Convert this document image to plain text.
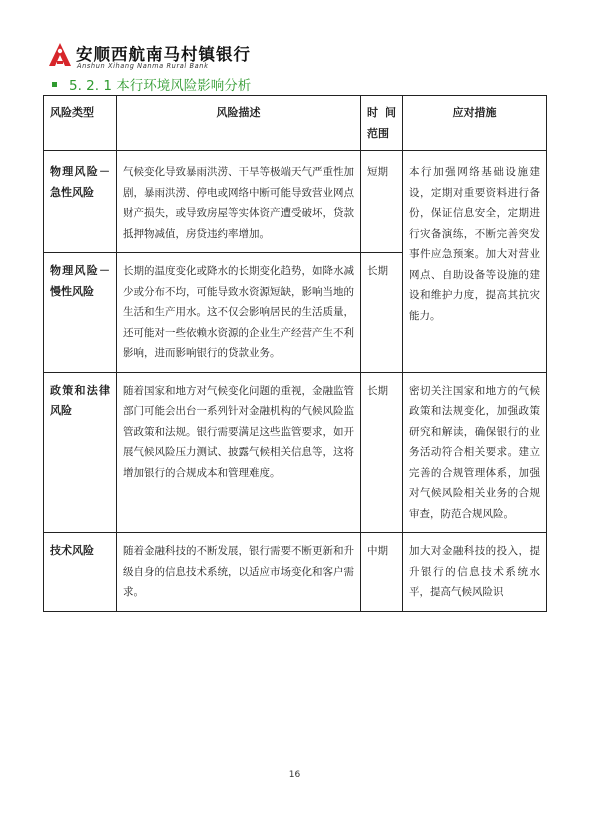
安顺西航南马村镇银行
Anshun Xihang Nanma Rural Bank
5. 2. 1 本行环境风险影响分析
风险类型	风险描述	时 间 范围	应对措施
物理风险－急性风险	气候变化导致暴雨洪涝、干旱等极端天气严重性加剧，暴雨洪涝、停电或网络中断可能导致营业网点财产损失，或导致房屋等实体资产遭受破坏，贷款抵押物减值，房贷违约率增加。	短期	本行加强网络基础设施建设，定期对重要资料进行备份，保证信息安全，定期进行灾备演练，不断完善突发事件应急预案。加大对营业网点、自助设备等设施的建设和维护力度，提高其抗灾能力。
物理风险－慢性风险	长期的温度变化或降水的长期变化趋势，如降水减少或分布不均，可能导致水资源短缺，影响当地的生活和生产用水。这不仅会影响居民的生活质量，还可能对一些依赖水资源的企业生产经营产生不利影响，进而影响银行的贷款业务。	长期	
政策和法律风险	随着国家和地方对气候变化问题的重视，金融监管部门可能会出台一系列针对金融机构的气候风险监管政策和法规。银行需要满足这些监管要求，如开展气候风险压力测试、披露气候相关信息等，这将增加银行的合规成本和管理难度。	长期	密切关注国家和地方的气候政策和法规变化，加强政策研究和解读，确保银行的业务活动符合相关要求。建立完善的合规管理体系，加强对气候风险相关业务的合规审查，防范合规风险。
技术风险	随着金融科技的不断发展，银行需要不断更新和升级自身的信息技术系统，以适应市场变化和客户需求。	中期	加大对金融科技的投入，提升银行的信息技术系统水平，提高气候风险识
16
